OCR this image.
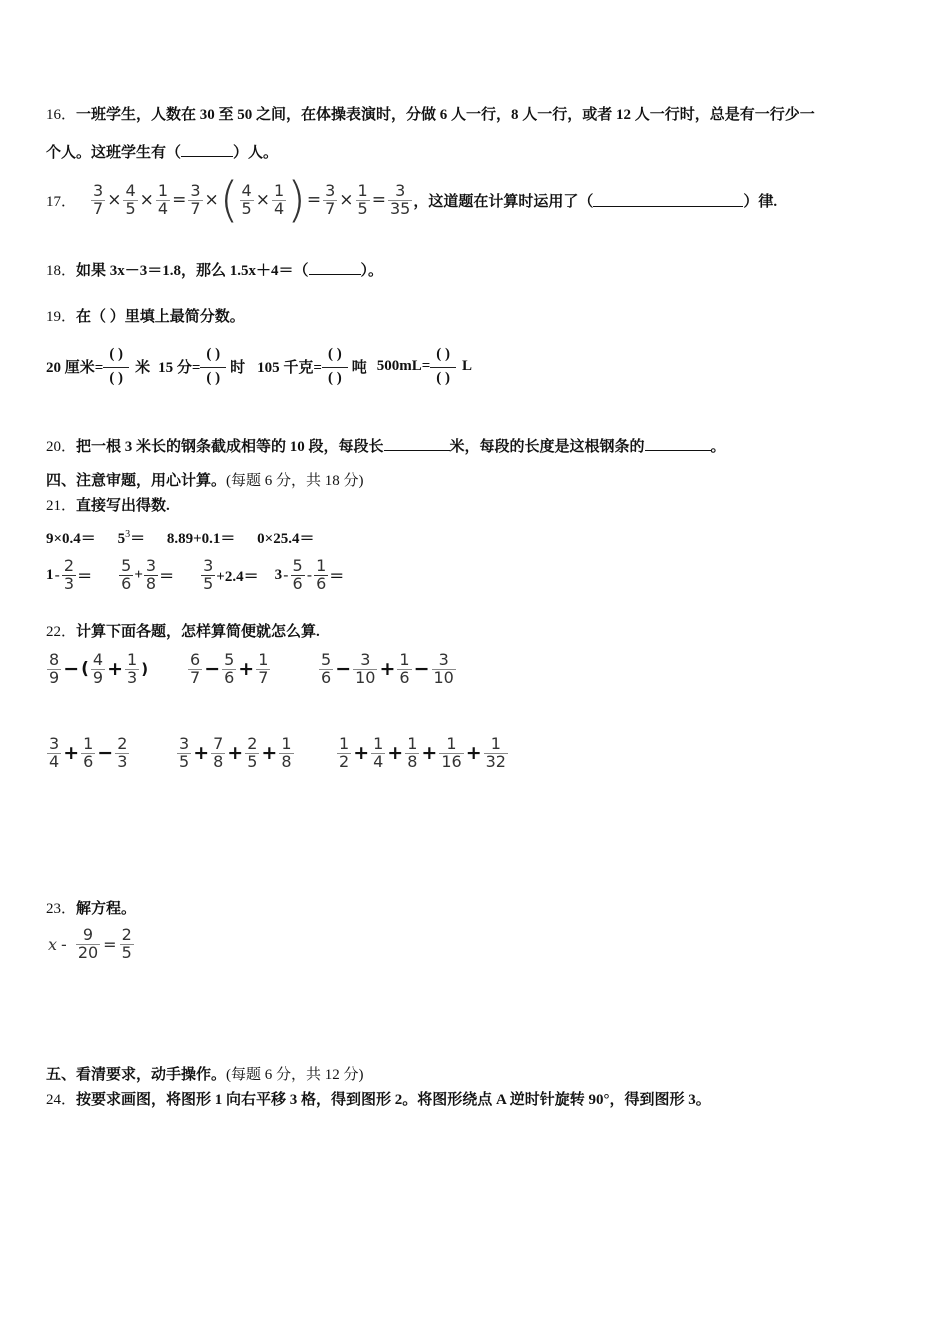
16．一班学生，人数在 30 至 50 之间，在体操表演时，分做 6 人一行，8 人一行，或者 12 人一行时，总是有一行少一
个人。这班学生有（	）人。
17． $\frac{3}{7} \times \frac{4}{5} \times \frac{1}{4} = \frac{3}{7}$ × ( $\frac{4}{5} \times \frac{1}{4}$ ) = $\frac{3}{7} \times \frac{1}{5} = \frac{3}{35}$ ，这道题在计算时运用了（	）律.
18．如果 3x－3＝1.8，那么 1.5x＋4＝（	）。
19．在（ ）里填上最简分数。
20 厘米=
( )
( )
米 15 分=
( )
( )
时 105 千克=
( )
( )
吨 500mL=
( )
( )
L
20．把一根 3 米长的钢条截成相等的 10 段，每段长	米，每段的长度是这根钢条的	。
四、注意审题，用心计算。(每题 6 分，共 18 分)
21．直接写出得数.
$9\times 0.4= 5^3= 8.89+0.1= 0\times 25.4=$
$1 - \frac{2}{3} = \frac{5}{6} + \frac{3}{8} = \frac{3}{5} +2.4= 3 - \frac{5}{6} - \frac{1}{6}$ ＝
22．计算下面各题，怎样算简便就怎么算.
$\frac{8}{9}$ − ( $\frac{4}{9} + \frac{1}{3}$ ) $\frac{6}{7} - \frac{5}{6} + \frac{1}{7}$	$\frac{5}{6} - \frac{3}{10} + \frac{1}{6} - \frac{3}{10}$
$\frac{3}{4} + \frac{1}{6} - \frac{2}{3}$	$\frac{3}{5} + \frac{7}{8} + \frac{2}{5} + \frac{1}{8}$	$\frac{1}{2} + \frac{1}{4} + \frac{1}{8} + \frac{1}{16} + \frac{1}{32}$
23．解方程。
$x - \frac{9}{20} = \frac{2}{5}$
五、看清要求，动手操作。(每题 6 分，共 12 分)
24．按要求画图，将图形 1 向右平移 3 格，得到图形 2。将图形绕点 A 逆时针旋转 90°，得到图形 3。
